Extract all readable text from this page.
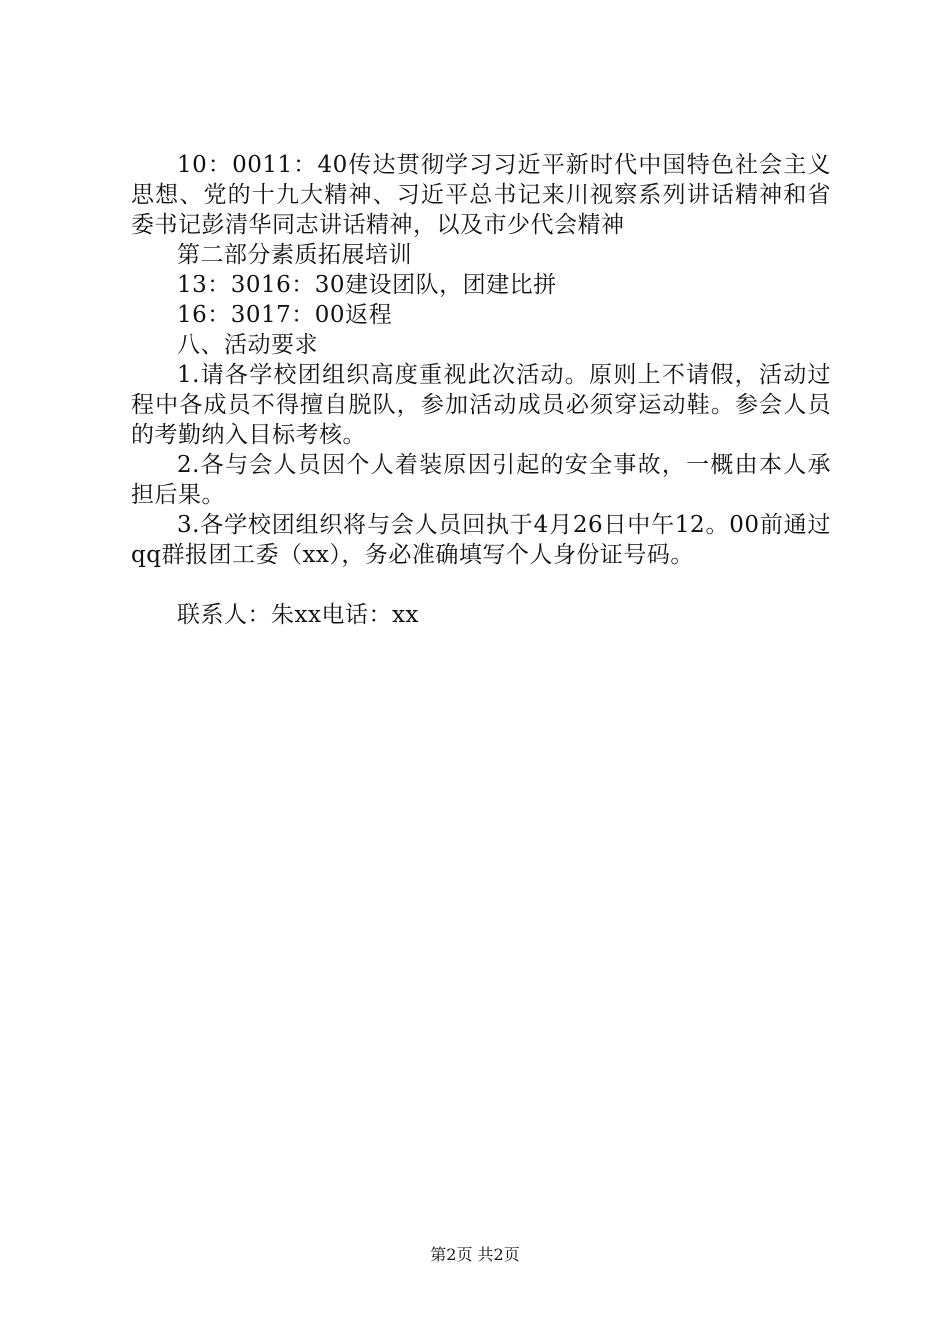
10：0011：40传达贯彻学习习近平新时代中国特色社会主义思想、党的十九大精神、习近平总书记来川视察系列讲话精神和省委书记彭清华同志讲话精神，以及市少代会精神

第二部分素质拓展培训

13：3016：30建设团队，团建比拼

16：3017：00返程

八、活动要求

1.请各学校团组织高度重视此次活动。原则上不请假，活动过程中各成员不得擅自脱队，参加活动成员必须穿运动鞋。参会人员的考勤纳入目标考核。

2.各与会人员因个人着装原因引起的安全事故，一概由本人承担后果。

3.各学校团组织将与会人员回执于4月26日中午12。00前通过qq群报团工委（xx），务必准确填写个人身份证号码。

联系人：朱xx电话：xx

第2页 共2页
